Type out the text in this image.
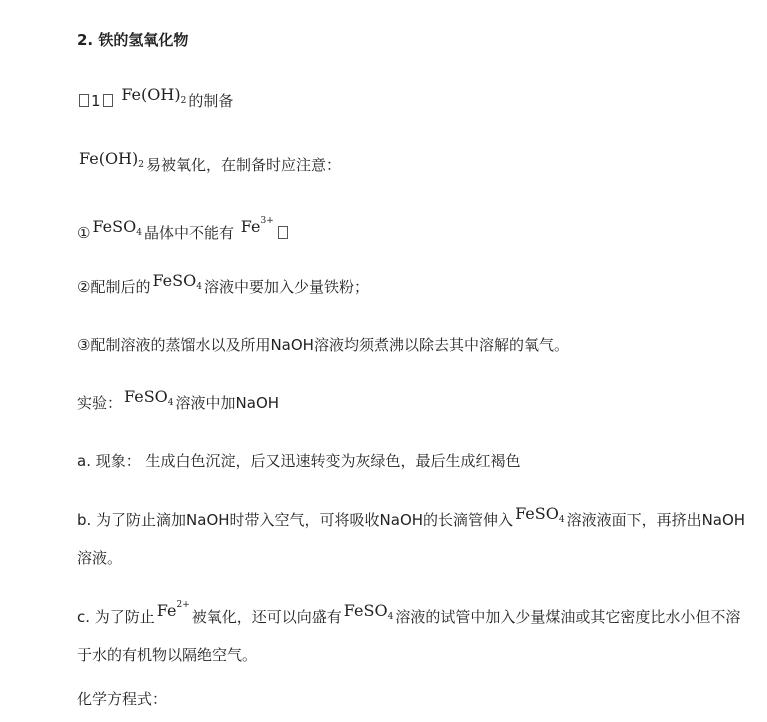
2. 铁的氢氧化物
1 $Fe(OH)_2$ 的制备
$Fe(OH)_2$ 易被氧化，在制备时应注意：
① FeSO$_4$ 晶体中不能有 $Fe^{3+}$
②配制后的 FeSO$_4$ 溶液中要加入少量铁粉；
③配制溶液的蒸馏水以及所用NaOH溶液均须煮沸以除去其中溶解的氧气。
实验： FeSO$_4$ 溶液中加NaOH
a. 现象： 生成白色沉淀，后又迅速转变为灰绿色，最后生成红褐色
b. 为了防止滴加NaOH时带入空气，可将吸收NaOH的长滴管伸入 FeSO$_4$ 溶液液面下，再挤出NaOH溶液。
c. 为了防止 $Fe^{2+}$被氧化，还可以向盛有 FeSO$_4$ 溶液的试管中加入少量煤油或其它密度比水小但不溶于水的有机物以隔绝空气。
化学方程式：
